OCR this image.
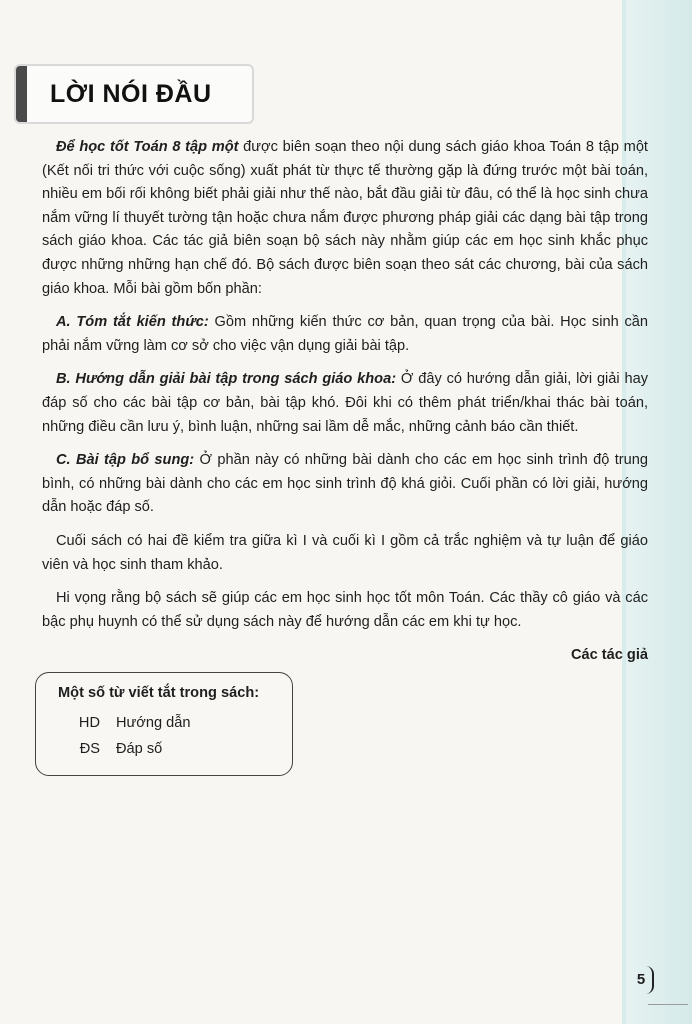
LỜI NÓI ĐẦU

Để học tốt Toán 8 tập một được biên soạn theo nội dung sách giáo khoa Toán 8 tập một (Kết nối tri thức với cuộc sống) xuất phát từ thực tế thường gặp là đứng trước một bài toán, nhiều em bối rối không biết phải giải như thế nào, bắt đầu giải từ đâu, có thể là học sinh chưa nắm vững lí thuyết tường tận hoặc chưa nắm được phương pháp giải các dạng bài tập trong sách giáo khoa. Các tác giả biên soạn bộ sách này nhằm giúp các em học sinh khắc phục được những những hạn chế đó. Bộ sách được biên soạn theo sát các chương, bài của sách giáo khoa. Mỗi bài gồm bốn phần:

A. Tóm tắt kiến thức: Gồm những kiến thức cơ bản, quan trọng của bài. Học sinh cần phải nắm vững làm cơ sở cho việc vận dụng giải bài tập.

B. Hướng dẫn giải bài tập trong sách giáo khoa: Ở đây có hướng dẫn giải, lời giải hay đáp số cho các bài tập cơ bản, bài tập khó. Đôi khi có thêm phát triển/khai thác bài toán, những điều cần lưu ý, bình luận, những sai lầm dễ mắc, những cảnh báo cần thiết.

C. Bài tập bổ sung: Ở phần này có những bài dành cho các em học sinh trình độ trung bình, có những bài dành cho các em học sinh trình độ khá giỏi. Cuối phần có lời giải, hướng dẫn hoặc đáp số.

Cuối sách có hai đề kiểm tra giữa kì I và cuối kì I gồm cả trắc nghiệm và tự luận để giáo viên và học sinh tham khảo.

Hi vọng rằng bộ sách sẽ giúp các em học sinh học tốt môn Toán. Các thầy cô giáo và các bậc phụ huynh có thể sử dụng sách này để hướng dẫn các em khi tự học.

Các tác giả

Một số từ viết tắt trong sách:
HD Hướng dẫn
ĐS Đáp số
5
